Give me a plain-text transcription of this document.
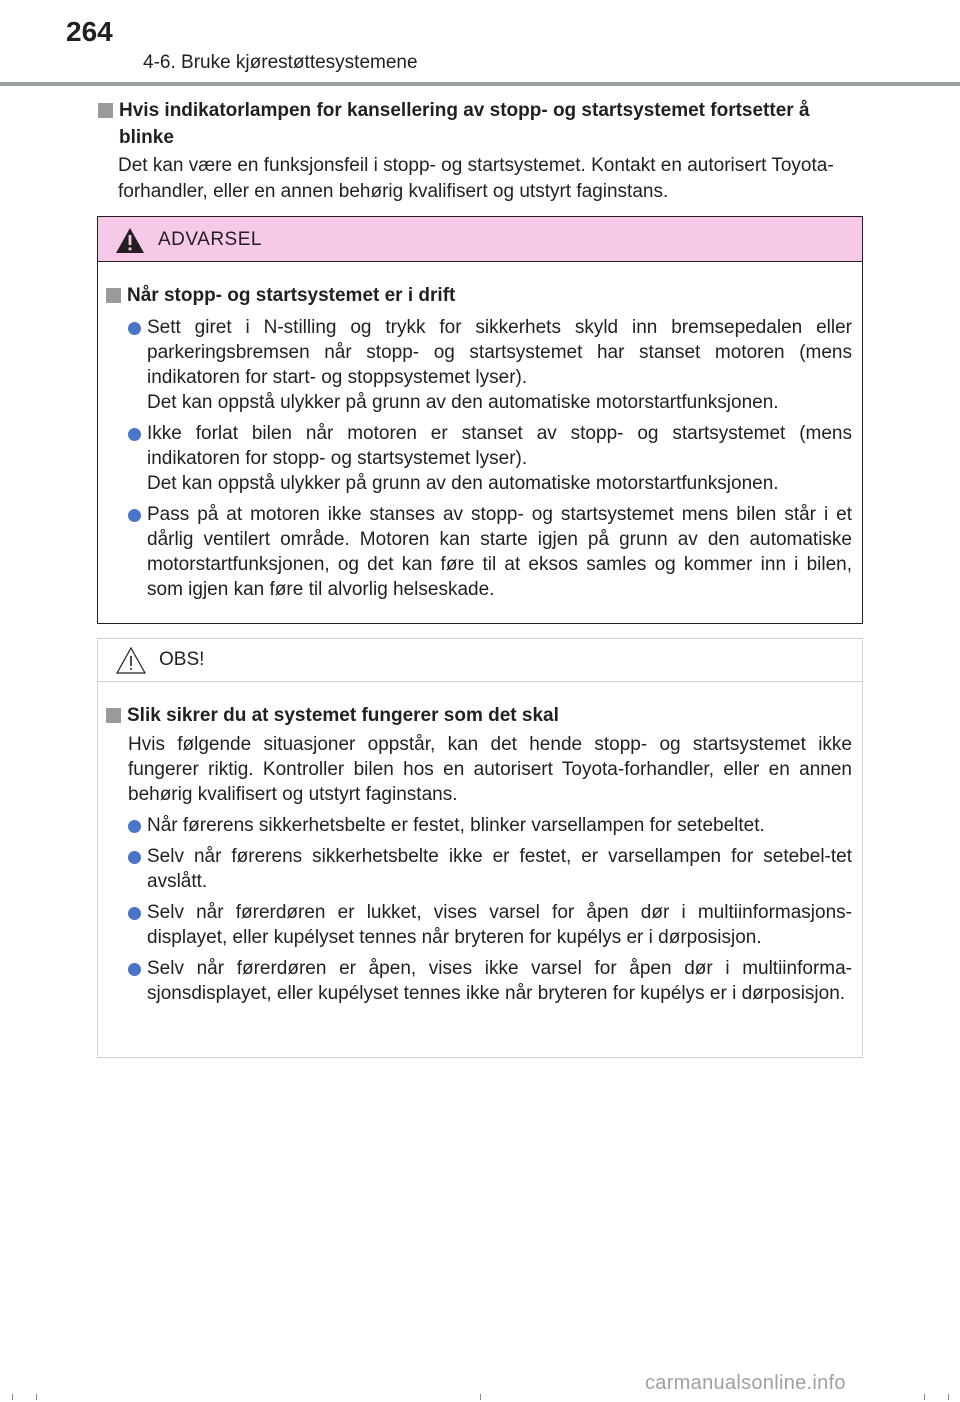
264
4-6. Bruke kjørestøttesystemene
Hvis indikatorlampen for kansellering av stopp- og startsystemet fortsetter å blinke
Det kan være en funksjonsfeil i stopp- og startsystemet. Kontakt en autorisert Toyota-forhandler, eller en annen behørig kvalifisert og utstyrt faginstans.
ADVARSEL
Når stopp- og startsystemet er i drift
Sett giret i N-stilling og trykk for sikkerhets skyld inn bremsepedalen eller parkeringsbremsen når stopp- og startsystemet har stanset motoren (mens indikatoren for start- og stoppsystemet lyser).
Det kan oppstå ulykker på grunn av den automatiske motorstartfunksjonen.
Ikke forlat bilen når motoren er stanset av stopp- og startsystemet (mens indikatoren for stopp- og startsystemet lyser).
Det kan oppstå ulykker på grunn av den automatiske motorstartfunksjonen.
Pass på at motoren ikke stanses av stopp- og startsystemet mens bilen står i et dårlig ventilert område. Motoren kan starte igjen på grunn av den automatiske motorstartfunksjonen, og det kan føre til at eksos samles og kommer inn i bilen, som igjen kan føre til alvorlig helseskade.
OBS!
Slik sikrer du at systemet fungerer som det skal
Hvis følgende situasjoner oppstår, kan det hende stopp- og startsystemet ikke fungerer riktig. Kontroller bilen hos en autorisert Toyota-forhandler, eller en annen behørig kvalifisert og utstyrt faginstans.
Når førerens sikkerhetsbelte er festet, blinker varsellampen for setebeltet.
Selv når førerens sikkerhetsbelte ikke er festet, er varsellampen for setebel-tet avslått.
Selv når førerdøren er lukket, vises varsel for åpen dør i multiinformasjons-displayet, eller kupélyset tennes når bryteren for kupélys er i dørposisjon.
Selv når førerdøren er åpen, vises ikke varsel for åpen dør i multiinforma-sjonsdisplayet, eller kupélyset tennes ikke når bryteren for kupélys er i dørposisjon.
carmanualsonline.info
